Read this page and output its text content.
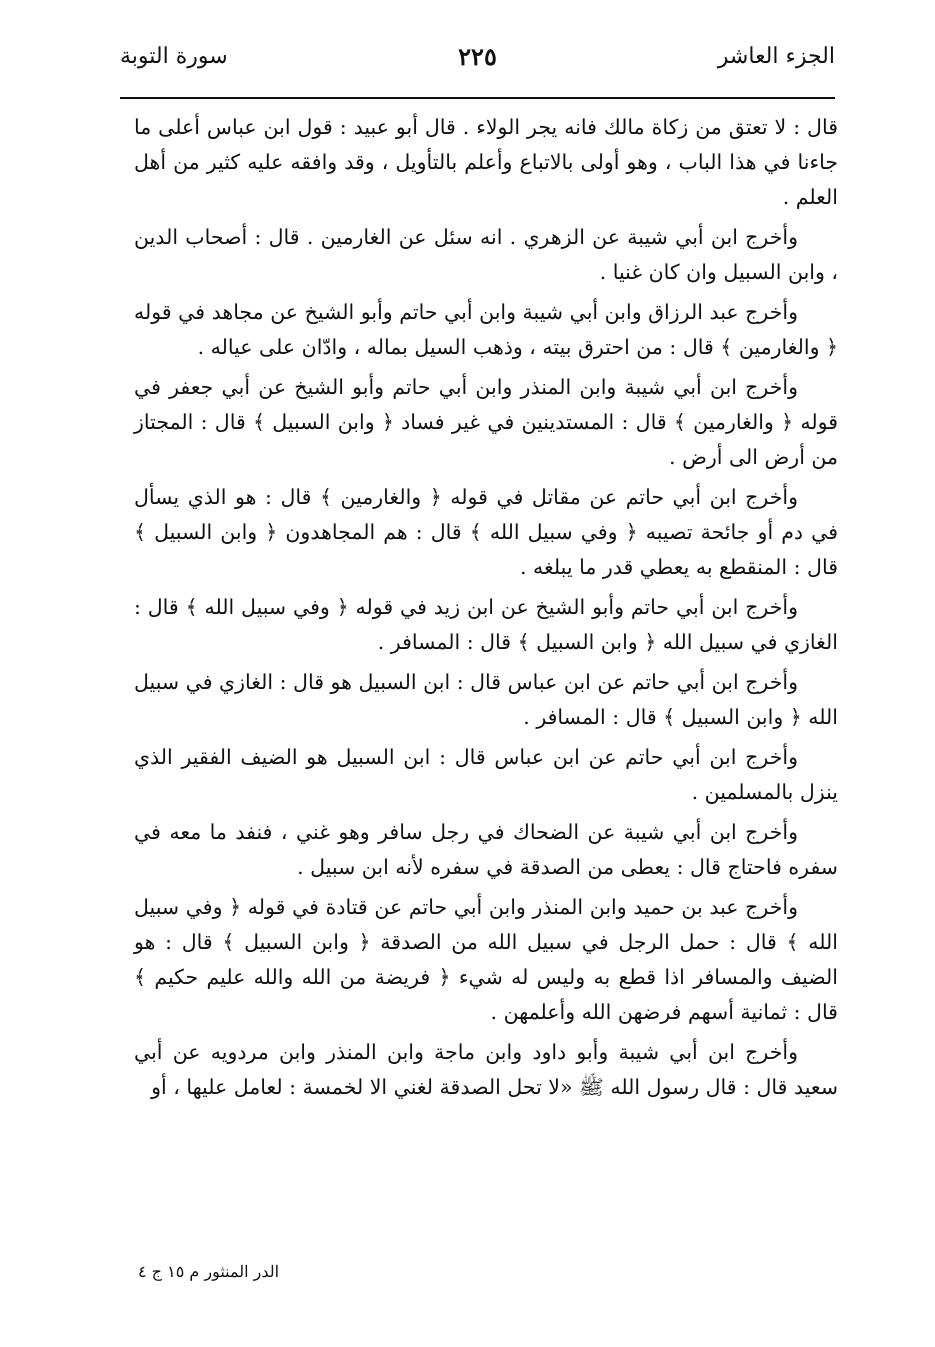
الجزء العاشر
٢٢٥
سورة التوبة

قال : لا تعتق من زكاة مالك فانه يجر الولاء . قال أبو عبيد : قول ابن عباس أعلى ما جاءنا في هذا الباب ، وهو أولى بالاتباع وأعلم بالتأويل ، وقد وافقه عليه كثير من أهل العلم .

وأخرج ابن أبي شيبة عن الزهري . انه سئل عن الغارمين . قال : أصحاب الدين ، وابن السبيل وان كان غنيا .

وأخرج عبد الرزاق وابن أبي شيبة وابن أبي حاتم وأبو الشيخ عن مجاهد في قوله ﴿ والغارمين ﴾ قال : من احترق بيته ، وذهب السيل بماله ، وادّان على عياله .

وأخرج ابن أبي شيبة وابن المنذر وابن أبي حاتم وأبو الشيخ عن أبي جعفر في قوله ﴿ والغارمين ﴾ قال : المستدينين في غير فساد ﴿ وابن السبيل ﴾ قال : المجتاز من أرض الى أرض .

وأخرج ابن أبي حاتم عن مقاتل في قوله ﴿ والغارمين ﴾ قال : هو الذي يسأل في دم أو جائحة تصيبه ﴿ وفي سبيل الله ﴾ قال : هم المجاهدون ﴿ وابن السبيل ﴾ قال : المنقطع به يعطي قدر ما يبلغه .

وأخرج ابن أبي حاتم وأبو الشيخ عن ابن زيد في قوله ﴿ وفي سبيل الله ﴾ قال : الغازي في سبيل الله ﴿ وابن السبيل ﴾ قال : المسافر .

وأخرج ابن أبي حاتم عن ابن عباس قال : ابن السبيل هو قال : الغازي في سبيل الله ﴿ وابن السبيل ﴾ قال : المسافر .

وأخرج ابن أبي حاتم عن ابن عباس قال : ابن السبيل هو الضيف الفقير الذي ينزل بالمسلمين .

وأخرج ابن أبي شيبة عن الضحاك في رجل سافر وهو غني ، فنفد ما معه في سفره فاحتاج قال : يعطى من الصدقة في سفره لأنه ابن سبيل .

وأخرج عبد بن حميد وابن المنذر وابن أبي حاتم عن قتادة في قوله ﴿ وفي سبيل الله ﴾ قال : حمل الرجل في سبيل الله من الصدقة ﴿ وابن السبيل ﴾ قال : هو الضيف والمسافر اذا قطع به وليس له شيء ﴿ فريضة من الله والله عليم حكيم ﴾ قال : ثمانية أسهم فرضهن الله وأعلمهن .

وأخرج ابن أبي شيبة وأبو داود وابن ماجة وابن المنذر وابن مردويه عن أبي سعيد قال : قال رسول الله ﷺ «لا تحل الصدقة لغني الا لخمسة : لعامل عليها ، أو

الدر المنثور م ١٥ ج ٤
